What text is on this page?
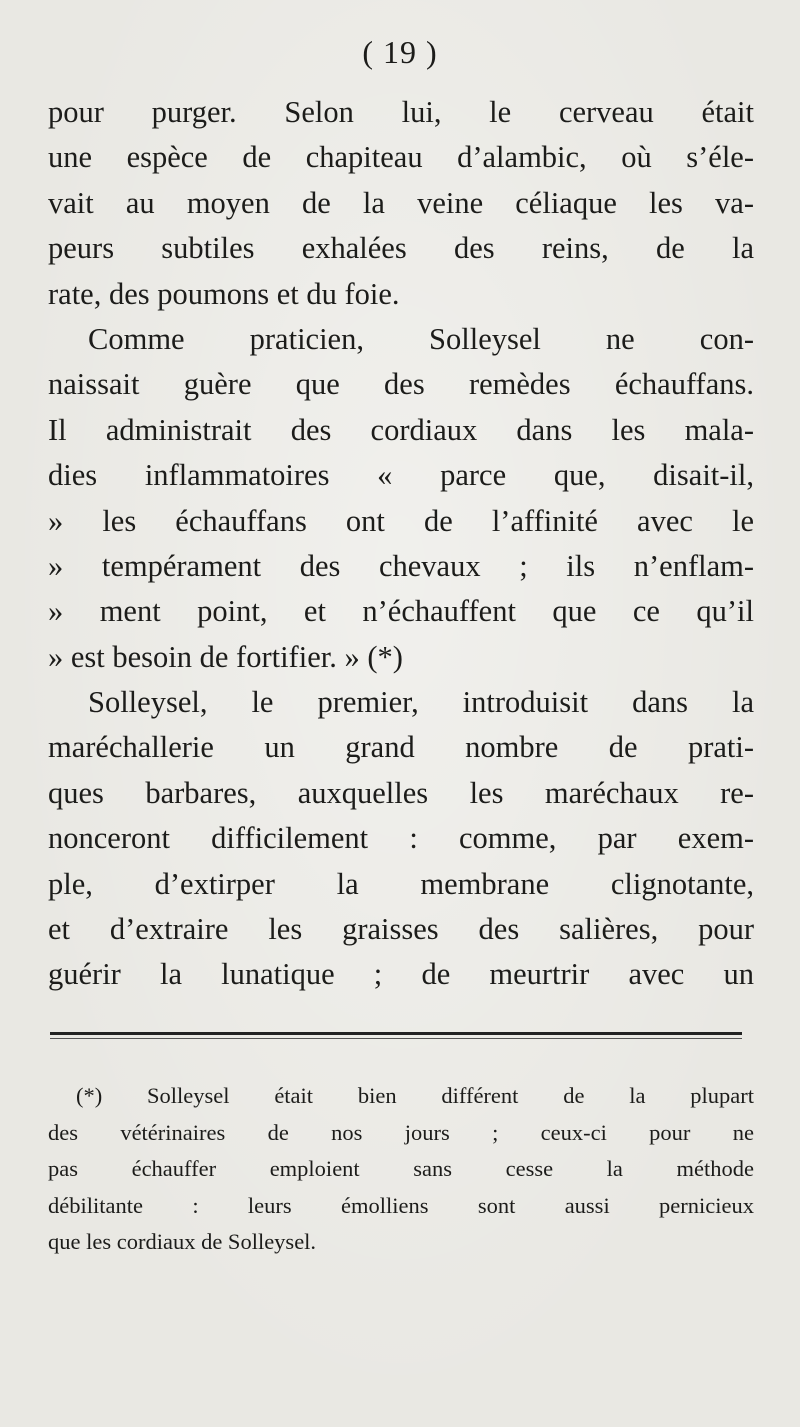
( 19 )
pour purger. Selon lui, le cerveau était
une espèce de chapiteau d’alambic, où s’éle-
vait au moyen de la veine céliaque les va-
peurs subtiles exhalées des reins, de la
rate, des poumons et du foie.
Comme praticien, Solleysel ne con-
naissait guère que des remèdes échauffans.
Il administrait des cordiaux dans les mala-
dies inflammatoires « parce que, disait-il,
» les échauffans ont de l’affinité avec le
» tempérament des chevaux ; ils n’enflam-
» ment point, et n’échauffent que ce qu’il
» est besoin de fortifier. » (*)
Solleysel, le premier, introduisit dans la
maréchallerie un grand nombre de prati-
ques barbares, auxquelles les maréchaux re-
nonceront difficilement : comme, par exem-
ple, d’extirper la membrane clignotante,
et d’extraire les graisses des salières, pour
guérir la lunatique ; de meurtrir avec un
(*) Solleysel était bien différent de la plupart
des vétérinaires de nos jours ; ceux-ci pour ne
pas échauffer emploient sans cesse la méthode
débilitante : leurs émolliens sont aussi pernicieux
que les cordiaux de Solleysel.
